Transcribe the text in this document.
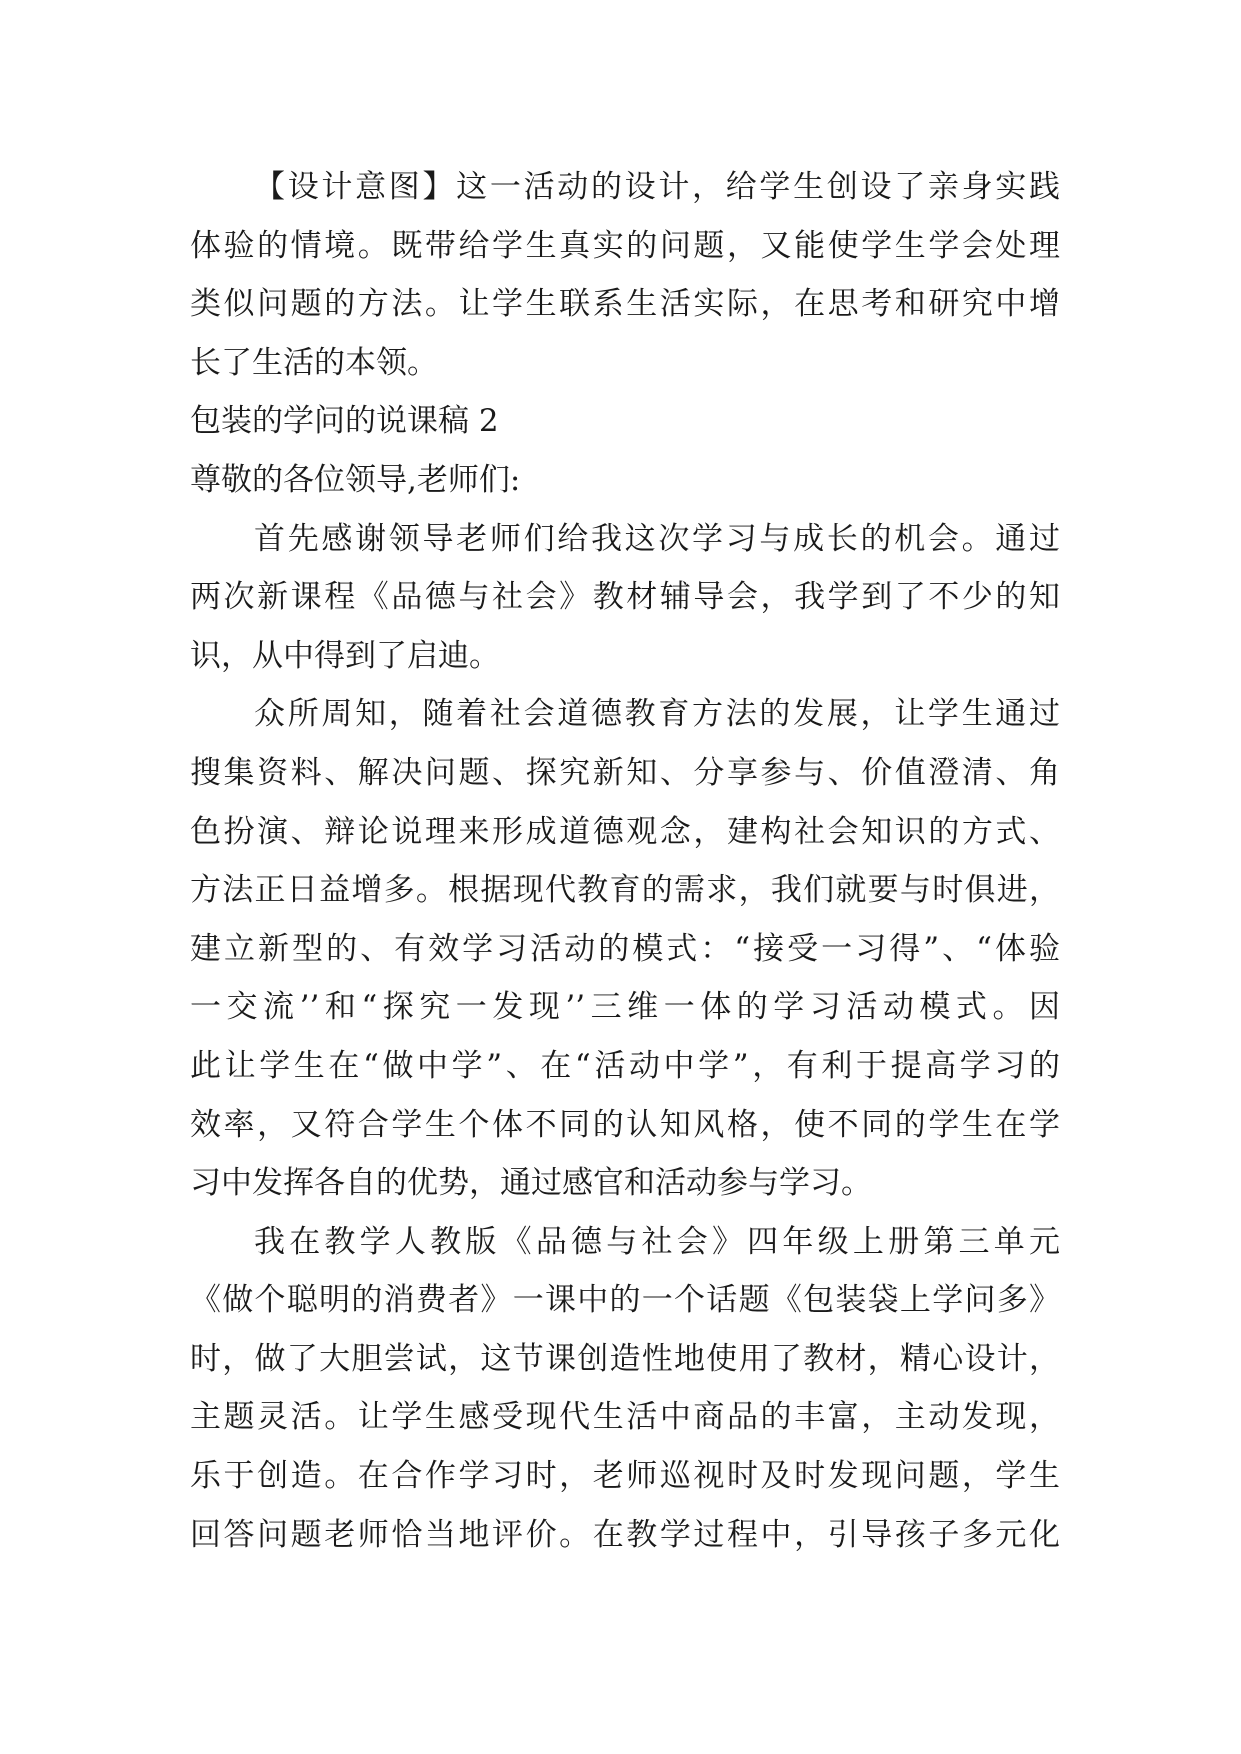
【设计意图】这一活动的设计，给学生创设了亲身实践
体验的情境。既带给学生真实的问题，又能使学生学会处理
类似问题的方法。让学生联系生活实际，在思考和研究中增
长了生活的本领。
包装的学问的说课稿 2
尊敬的各位领导,老师们:
首先感谢领导老师们给我这次学习与成长的机会。通过
两次新课程《品德与社会》教材辅导会，我学到了不少的知
识，从中得到了启迪。
众所周知，随着社会道德教育方法的发展，让学生通过
搜集资料、解决问题、探究新知、分享参与、价值澄清、角
色扮演、辩论说理来形成道德观念，建构社会知识的方式、
方法正日益增多。根据现代教育的需求，我们就要与时俱进，
建立新型的、有效学习活动的模式：“接受一习得”、“体验
一交流’’和“探究一发现’’三维一体的学习活动模式。因
此让学生在“做中学”、在“活动中学”，有利于提高学习的
效率，又符合学生个体不同的认知风格，使不同的学生在学
习中发挥各自的优势，通过感官和活动参与学习。
我在教学人教版《品德与社会》四年级上册第三单元
《做个聪明的消费者》一课中的一个话题《包装袋上学问多》
时，做了大胆尝试，这节课创造性地使用了教材，精心设计，
主题灵活。让学生感受现代生活中商品的丰富，主动发现，
乐于创造。在合作学习时，老师巡视时及时发现问题，学生
回答问题老师恰当地评价。在教学过程中，引导孩子多元化
